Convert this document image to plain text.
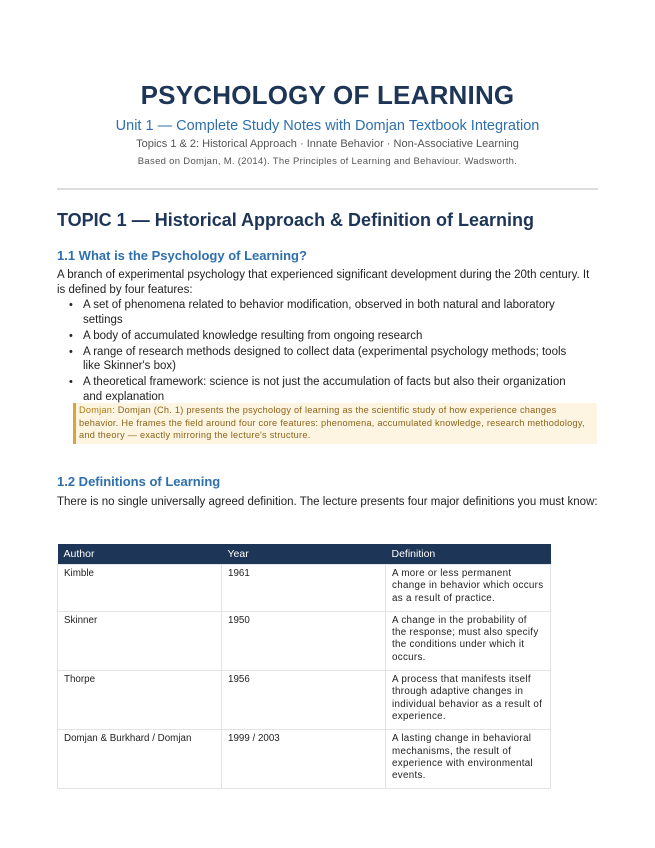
PSYCHOLOGY OF LEARNING
Unit 1 — Complete Study Notes with Domjan Textbook Integration
Topics 1 & 2: Historical Approach · Innate Behavior · Non-Associative Learning
Based on Domjan, M. (2014). The Principles of Learning and Behaviour. Wadsworth.
TOPIC 1 — Historical Approach & Definition of Learning
1.1 What is the Psychology of Learning?
A branch of experimental psychology that experienced significant development during the 20th century. It is defined by four features:
• A set of phenomena related to behavior modification, observed in both natural and laboratory settings
• A body of accumulated knowledge resulting from ongoing research
• A range of research methods designed to collect data (experimental psychology methods; tools like Skinner's box)
• A theoretical framework: science is not just the accumulation of facts but also their organization and explanation
Domjan: Domjan (Ch. 1) presents the psychology of learning as the scientific study of how experience changes behavior. He frames the field around four core features: phenomena, accumulated knowledge, research methodology, and theory — exactly mirroring the lecture's structure.
1.2 Definitions of Learning
There is no single universally agreed definition. The lecture presents four major definitions you must know:
Author	Year	Definition
Kimble	1961	A more or less permanent change in behavior which occurs as a result of practice.
Skinner	1950	A change in the probability of the response; must also specify the conditions under which it occurs.
Thorpe	1956	A process that manifests itself through adaptive changes in individual behavior as a result of experience.
Domjan & Burkhard / Domjan	1999 / 2003	A lasting change in behavioral mechanisms, the result of experience with environmental events.
